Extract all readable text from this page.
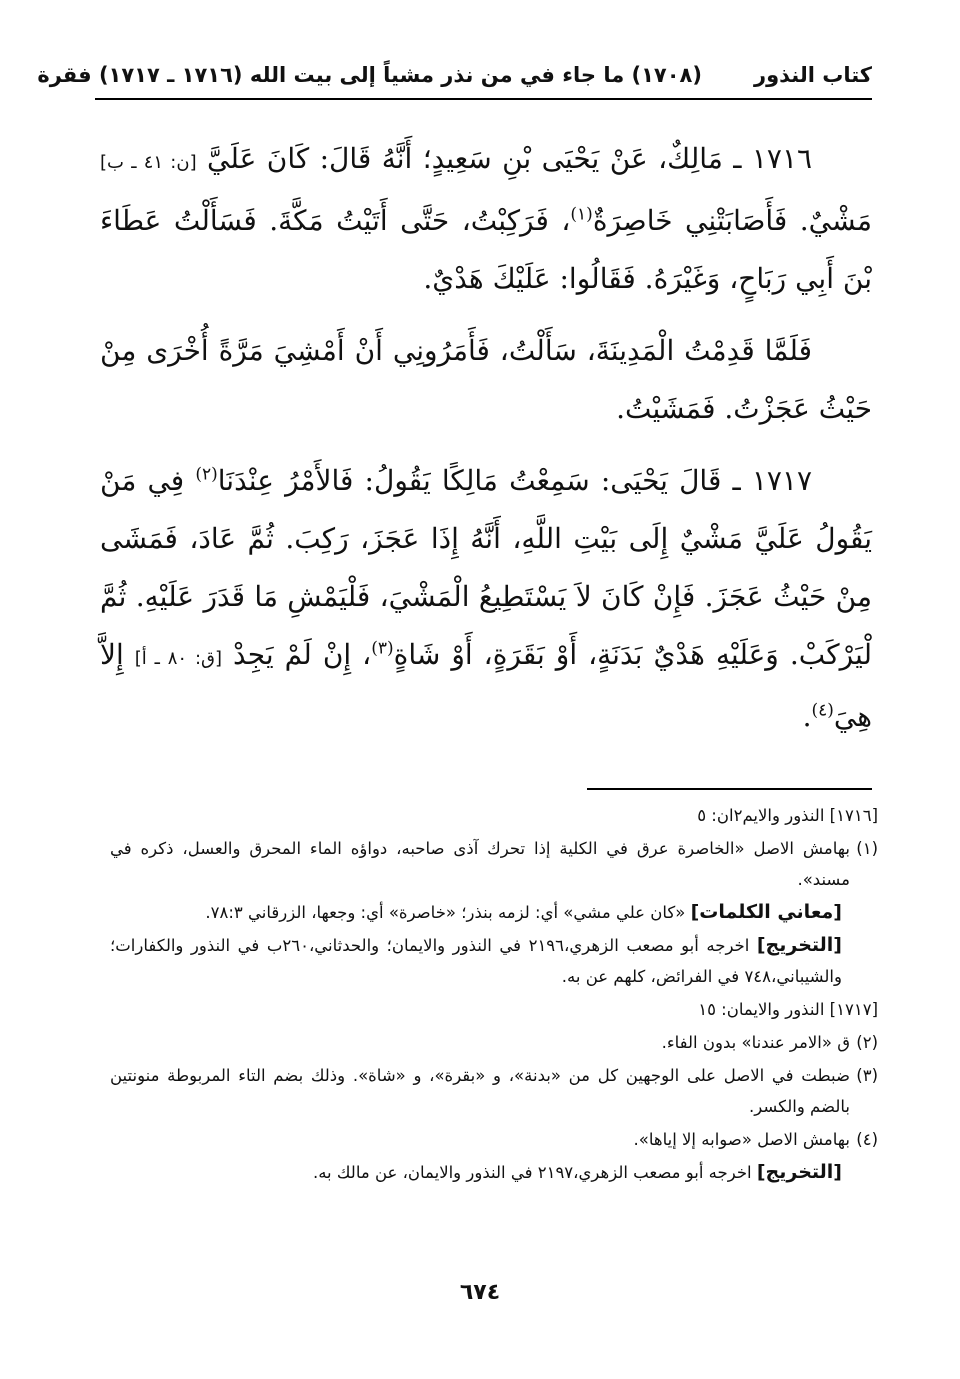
كتاب النذور
(١٧٠٨) ما جاء في من نذر مشياً إلى بيت الله (١٧١٦ ـ ١٧١٧) فقرة

١٧١٦ ـ مَالِكٌ، عَنْ يَحْيَى بْنِ سَعِيدٍ؛ أَنَّهُ قَالَ: كَانَ عَلَيَّ [ن: ٤١ ـ ب] مَشْيٌ. فَأَصَابَتْنِي خَاصِرَةٌ$^{(١)}$، فَرَكِبْتُ، حَتَّى أَتَيْتُ مَكَّةَ. فَسَأَلْتُ عَطَاءَ بْنَ أَبِي رَبَاحٍ، وَغَيْرَهُ. فَقَالُوا: عَلَيْكَ هَدْيٌ.

فَلَمَّا قَدِمْتُ الْمَدِينَةَ، سَأَلْتُ، فَأَمَرُونِي أَنْ أَمْشِيَ مَرَّةً أُخْرَى مِنْ حَيْثُ عَجَزْتُ. فَمَشَيْتُ.

١٧١٧ ـ قَالَ يَحْيَى: سَمِعْتُ مَالِكًا يَقُولُ: فَالأَمْرُ عِنْدَنَا$^{(٢)}$ فِي مَنْ يَقُولُ عَلَيَّ مَشْيٌ إِلَى بَيْتِ اللَّهِ، أَنَّهُ إِذَا عَجَزَ، رَكِبَ. ثُمَّ عَادَ، فَمَشَى مِنْ حَيْثُ عَجَزَ. فَإِنْ كَانَ لاَ يَسْتَطِيعُ الْمَشْيَ، فَلْيَمْشِ مَا قَدَرَ عَلَيْهِ. ثُمَّ لْيَرْكَبْ. وَعَلَيْهِ هَدْيٌ بَدَنَةٍ، أَوْ بَقَرَةٍ، أَوْ شَاةٍ$^{(٣)}$، إِنْ لَمْ يَجِدْ [ق: ٨٠ ـ أ] إِلاَّ هِيَ$^{(٤)}$.

[١٧١٦] النذور والايم٢ان: ٥
(١)بهامش الاصل «الخاصرة عرق في الكلية إذا تحرك آذى صاحبه، دواؤه الماء المحرق والعسل، ذكره في مسند».
[معاني الكلمات] «كان علي مشي» أي: لزمه بنذر؛ «خاصرة» أي: وجعها، الزرقاني ٧٨:٣.
[التخريج] اخرجه أبو مصعب الزهري،٢١٩٦ في النذور والايمان؛ والحدثاني،٢٦٠ب في النذور والكفارات؛ والشيباني،٧٤٨ في الفرائض، كلهم عن به.
[١٧١٧] النذور والايمان: ١٥
(٢)ق «الامر عندنا» بدون الفاء.
(٣)ضبطت في الاصل على الوجهين كل من «بدنة»، و «بقرة»، و «شاة». وذلك بضم التاء المربوطة منونتين بالضم والكسر.
(٤)بهامش الاصل «صوابه إلا إياها».
[التخريج] اخرجه أبو مصعب الزهري،٢١٩٧ في النذور والايمان، عن مالك به.
٦٧٤
